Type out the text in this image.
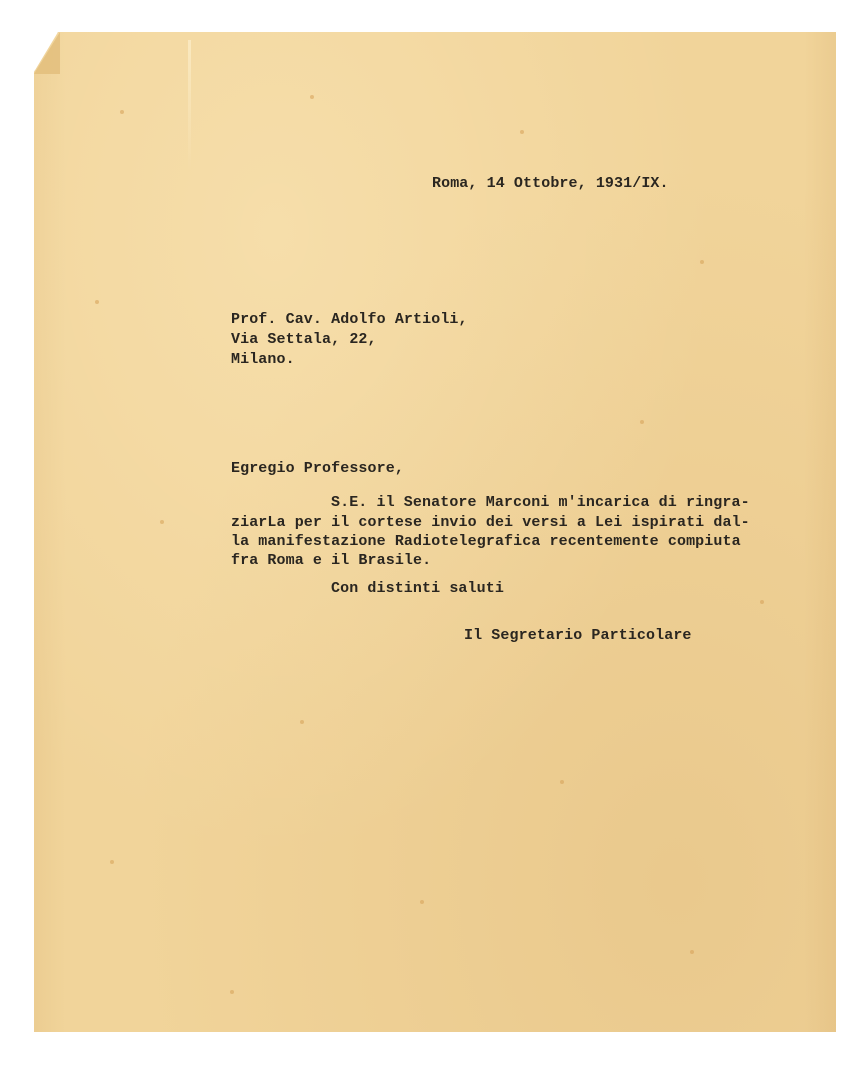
Roma, 14 Ottobre, 1931/IX.
Prof. Cav. Adolfo Artioli,
Via Settala, 22,
Milano.
Egregio Professore,
S.E. il Senatore Marconi m'incarica di ringra-
ziarLa per il cortese invio dei versi a Lei ispirati dal-
la manifestazione Radiotelegrafica recentemente compiuta
fra Roma e il Brasile.
Con distinti saluti
Il Segretario Particolare
